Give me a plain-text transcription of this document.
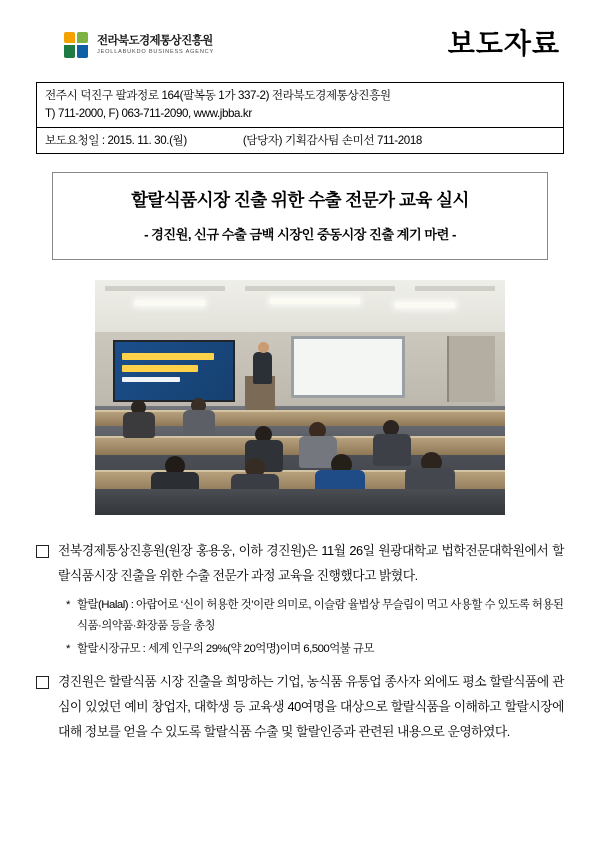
전라북도경제통상진흥원
JEOLLABUKDO BUSINESS AGENCY	보도자료
전주시 덕진구 팔과정로 164(팔복동 1가 337-2) 전라북도경제통상진흥원
T) 711-2000, F) 063-711-2090, www.jbba.kr
보도요청일 : 2015. 11. 30.(월)	(담당자) 기획감사팀 손미선 711-2018
할랄식품시장 진출 위한 수출 전문가 교육 실시
- 경진원, 신규 수출 금백 시장인 중동시장 진출 계기 마련 -
전북경제통상진흥원(원장 홍용웅, 이하 경진원)은 11월 26일 원광대학교 법학전문대학원에서 할랄식품시장 진출을 위한 수출 전문가 과정 교육을 진행했다고 밝혔다.
* 할랄(Halal) : 아랍어로 ‘신이 허용한 것’이란 의미로, 이슬람 율법상 무슬림이 먹고 사용할 수 있도록 허용된 식품·의약품·화장품 등을 총칭
* 할랄시장규모 : 세계 인구의 29%(약 20억명)이며 6,500억불 규모
경진원은 할랄식품 시장 진출을 희망하는 기업, 농식품 유통업 종사자 외에도 평소 할랄식품에 관심이 있었던 예비 창업자, 대학생 등 교육생 40여명을 대상으로 할랄식품을 이해하고 할랄시장에 대해 정보를 얻을 수 있도록 할랄식품 수출 및 할랄인증과 관련된 내용으로 운영하였다.
